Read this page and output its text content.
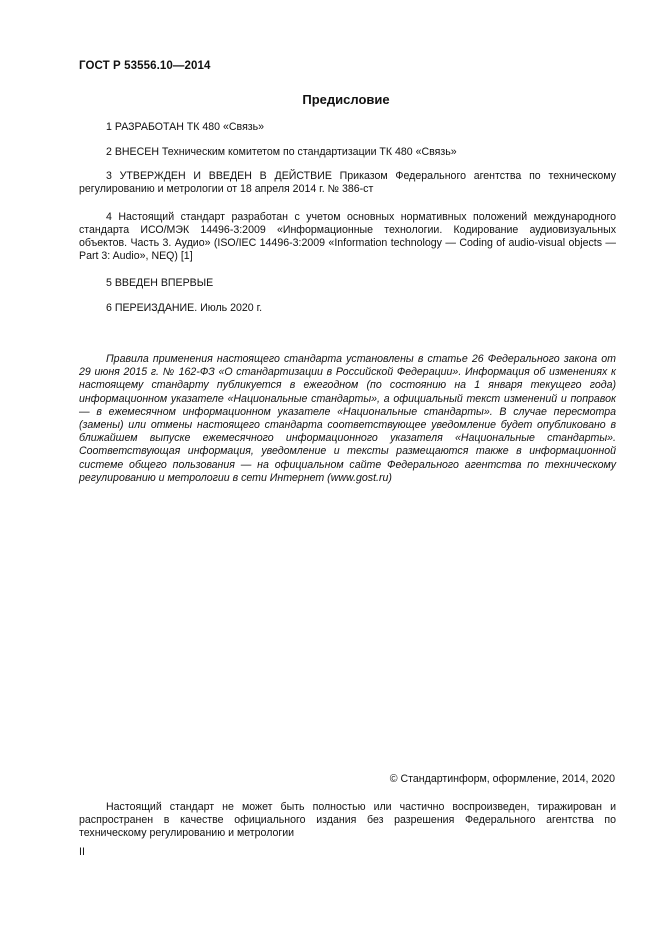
ГОСТ Р 53556.10—2014
Предисловие

1 РАЗРАБОТАН ТК 480 «Связь»

2 ВНЕСЕН Техническим комитетом по стандартизации ТК 480 «Связь»

3 УТВЕРЖДЕН И ВВЕДЕН В ДЕЙСТВИЕ Приказом Федерального агентства по техническому регулированию и метрологии от 18 апреля 2014 г. № 386-ст

4 Настоящий стандарт разработан с учетом основных нормативных положений международного стандарта ИСО/МЭК 14496-3:2009 «Информационные технологии. Кодирование аудиовизуальных объектов. Часть 3. Аудио» (ISO/IEC 14496-3:2009 «Information technology — Coding of audio-visual objects — Part 3: Audio», NEQ) [1]

5 ВВЕДЕН ВПЕРВЫЕ

6 ПЕРЕИЗДАНИЕ. Июль 2020 г.

Правила применения настоящего стандарта установлены в статье 26 Федерального закона от 29 июня 2015 г. № 162-ФЗ «О стандартизации в Российской Федерации». Информация об изменениях к настоящему стандарту публикуется в ежегодном (по состоянию на 1 января текущего года) информационном указателе «Национальные стандарты», а официальный текст изменений и поправок — в ежемесячном информационном указателе «Национальные стандарты». В случае пересмотра (замены) или отмены настоящего стандарта соответствующее уведомление будет опубликовано в ближайшем выпуске ежемесячного информационного указателя «Национальные стандарты». Соответствующая информация, уведомление и тексты размещаются также в информационной системе общего пользования — на официальном сайте Федерального агентства по техническому регулированию и метрологии в сети Интернет (www.gost.ru)

© Стандартинформ, оформление, 2014, 2020

Настоящий стандарт не может быть полностью или частично воспроизведен, тиражирован и распространен в качестве официального издания без разрешения Федерального агентства по техническому регулированию и метрологии

II
